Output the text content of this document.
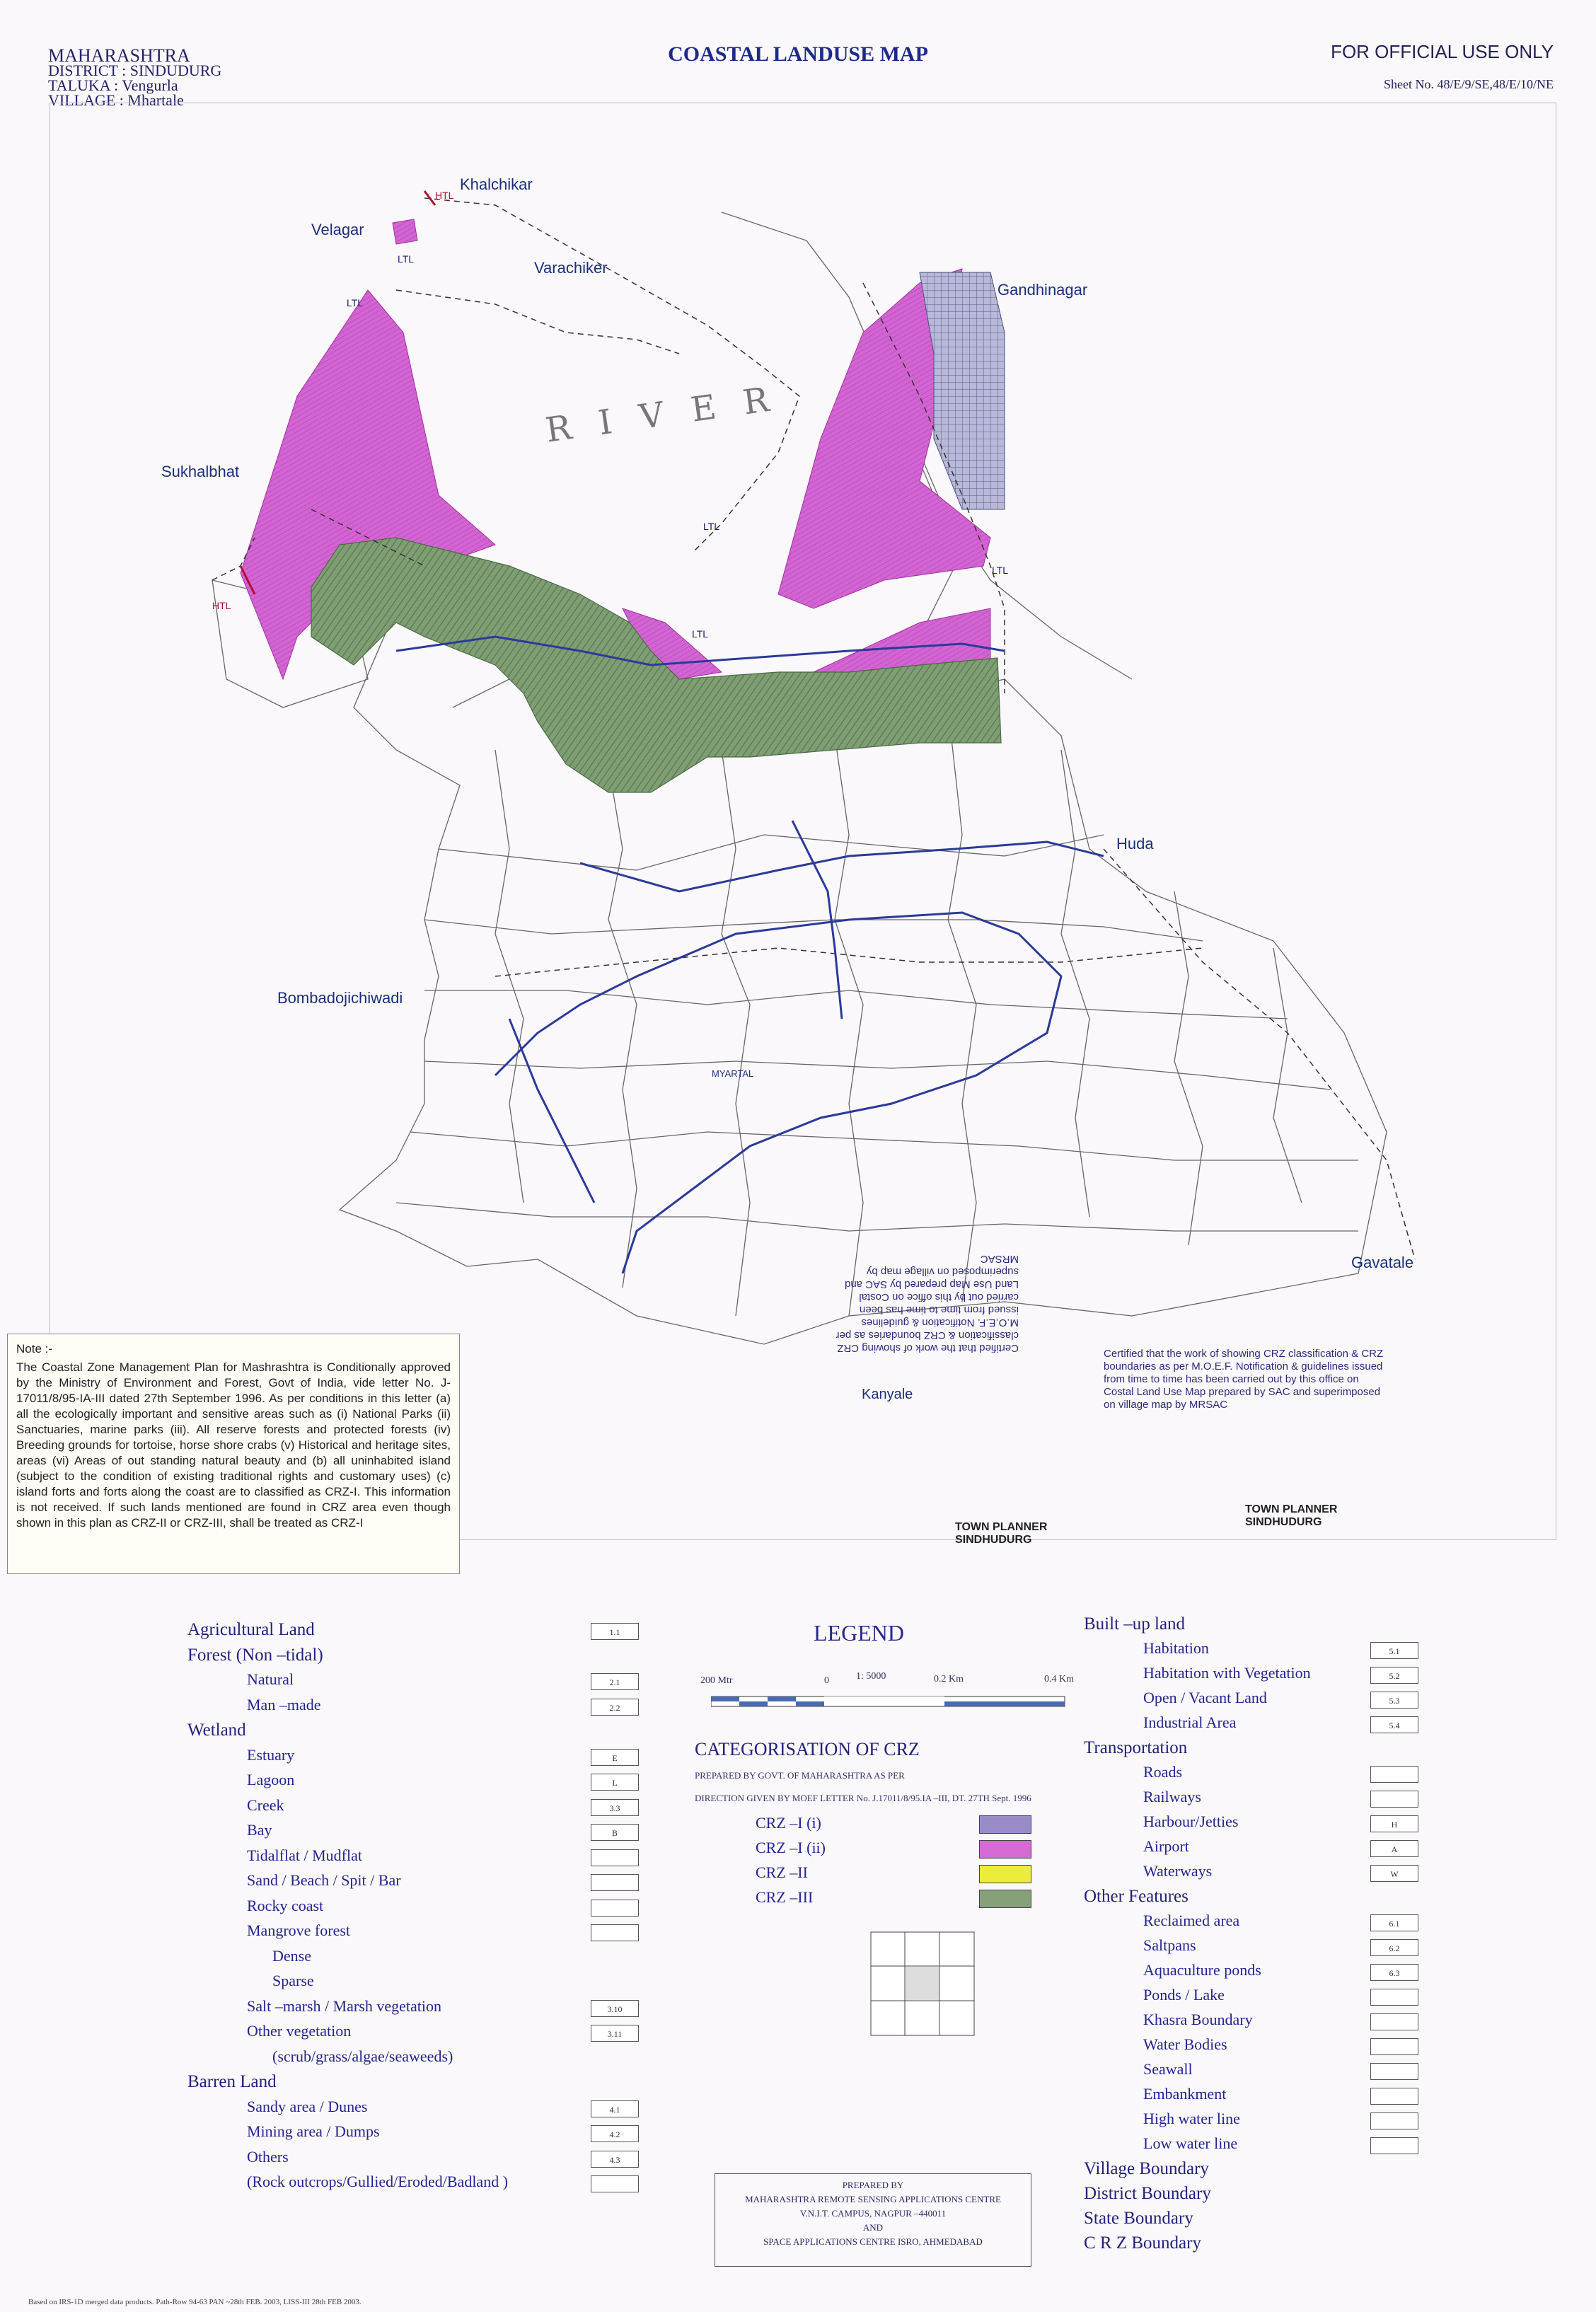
MAHARASHTRA
DISTRICT : SINDUDURG
TALUKA : Vengurla
VILLAGE : Mhartale
COASTAL LANDUSE MAP	FOR OFFICIAL USE ONLY
Sheet No. 48/E/9/SE,48/E/10/NE
Khalchikar
Velagar
Varachiker
Gandhinagar
Sukhalbhat
Huda
Bombadojichiwadi
Gavatale
MYARTAL
Kanyale
R I V E R
HTL
HTL
LTL
LTL
LTL
LTL
LTL
Note :-
The Coastal Zone Management Plan for Mashrashtra is Conditionally approved by the Ministry of Environment and Forest, Govt of India, vide letter No. J-17011/8/95-IA-III dated 27th September 1996. As per conditions in this letter (a) all the ecologically important and sensitive areas such as (i) National Parks (ii) Sanctuaries, marine parks (iii). All reserve forests and protected forests (iv) Breeding grounds for tortoise, horse shore crabs (v) Historical and heritage sites, areas (vi) Areas of out standing natural beauty and (b) all uninhabited island (subject to the condition of existing traditional rights and customary uses) (c) island forts and forts along the coast are to classified as CRZ-I. This information is not received. If such lands mentioned are found in CRZ area even though shown in this plan as CRZ-II or CRZ-III, shall be treated as CRZ-I
Certified that the work of showing CRZ classification & CRZ boundaries as per M.O.E.F. Notification & guidelines issued from time to time has been carried out by this office on Costal Land Use Map prepared by SAC and superimposed on village map by MRSAC
Certified that the work of showing CRZ classification & CRZ boundaries as per M.O.E.F. Notification & guidelines issued from time to time has been carried out by this office on Costal Land Use Map prepared by SAC and superimposed on village map by MRSAC
TOWN PLANNER SINDHUDURG
TOWN PLANNER SINDHUDURG
LEGEND
200 Mtr	0	1: 5000	0.2 Km	0.4 Km
CATEGORISATION OF CRZ
PREPARED BY GOVT. OF MAHARASHTRA AS PER
DIRECTION GIVEN BY MOEF LETTER No. J.17011/8/95.IA –III, DT. 27TH Sept. 1996
CRZ –I (i)
CRZ –I (ii)
CRZ –II
CRZ –III
Agricultural Land	1.1
Forest (Non –tidal)
Natural	2.1
Man –made	2.2
Wetland
Estuary	E
Lagoon	L
Creek	3.3
Bay	B
Tidalflat / Mudflat
Sand / Beach / Spit / Bar
Rocky coast
Mangrove forest
Dense
Sparse
Salt –marsh / Marsh vegetation	3.10
Other vegetation	3.11
(scrub/grass/algae/seaweeds)
Barren Land
Sandy area / Dunes	4.1
Mining area / Dumps	4.2
Others	4.3
(Rock outcrops/Gullied/Eroded/Badland )
Built –up land
Habitation	5.1
Habitation with Vegetation	5.2
Open / Vacant Land	5.3
Industrial Area	5.4
Transportation
Roads
Railways
Harbour/Jetties	H
Airport	A
Waterways	W
Other Features
Reclaimed area	6.1
Saltpans	6.2
Aquaculture ponds	6.3
Ponds / Lake
Khasra Boundary
Water Bodies
Seawall
Embankment
High water line
Low water line
Village Boundary
District Boundary
State Boundary
C R Z Boundary
PREPARED BY
MAHARASHTRA REMOTE SENSING APPLICATIONS CENTRE
V.N.I.T. CAMPUS, NAGPUR –440011
AND
SPACE APPLICATIONS CENTRE ISRO, AHMEDABAD
Based on IRS-1D merged data products. Path-Row 94-63 PAN ~28th FEB. 2003, LISS-III 28th FEB 2003.
